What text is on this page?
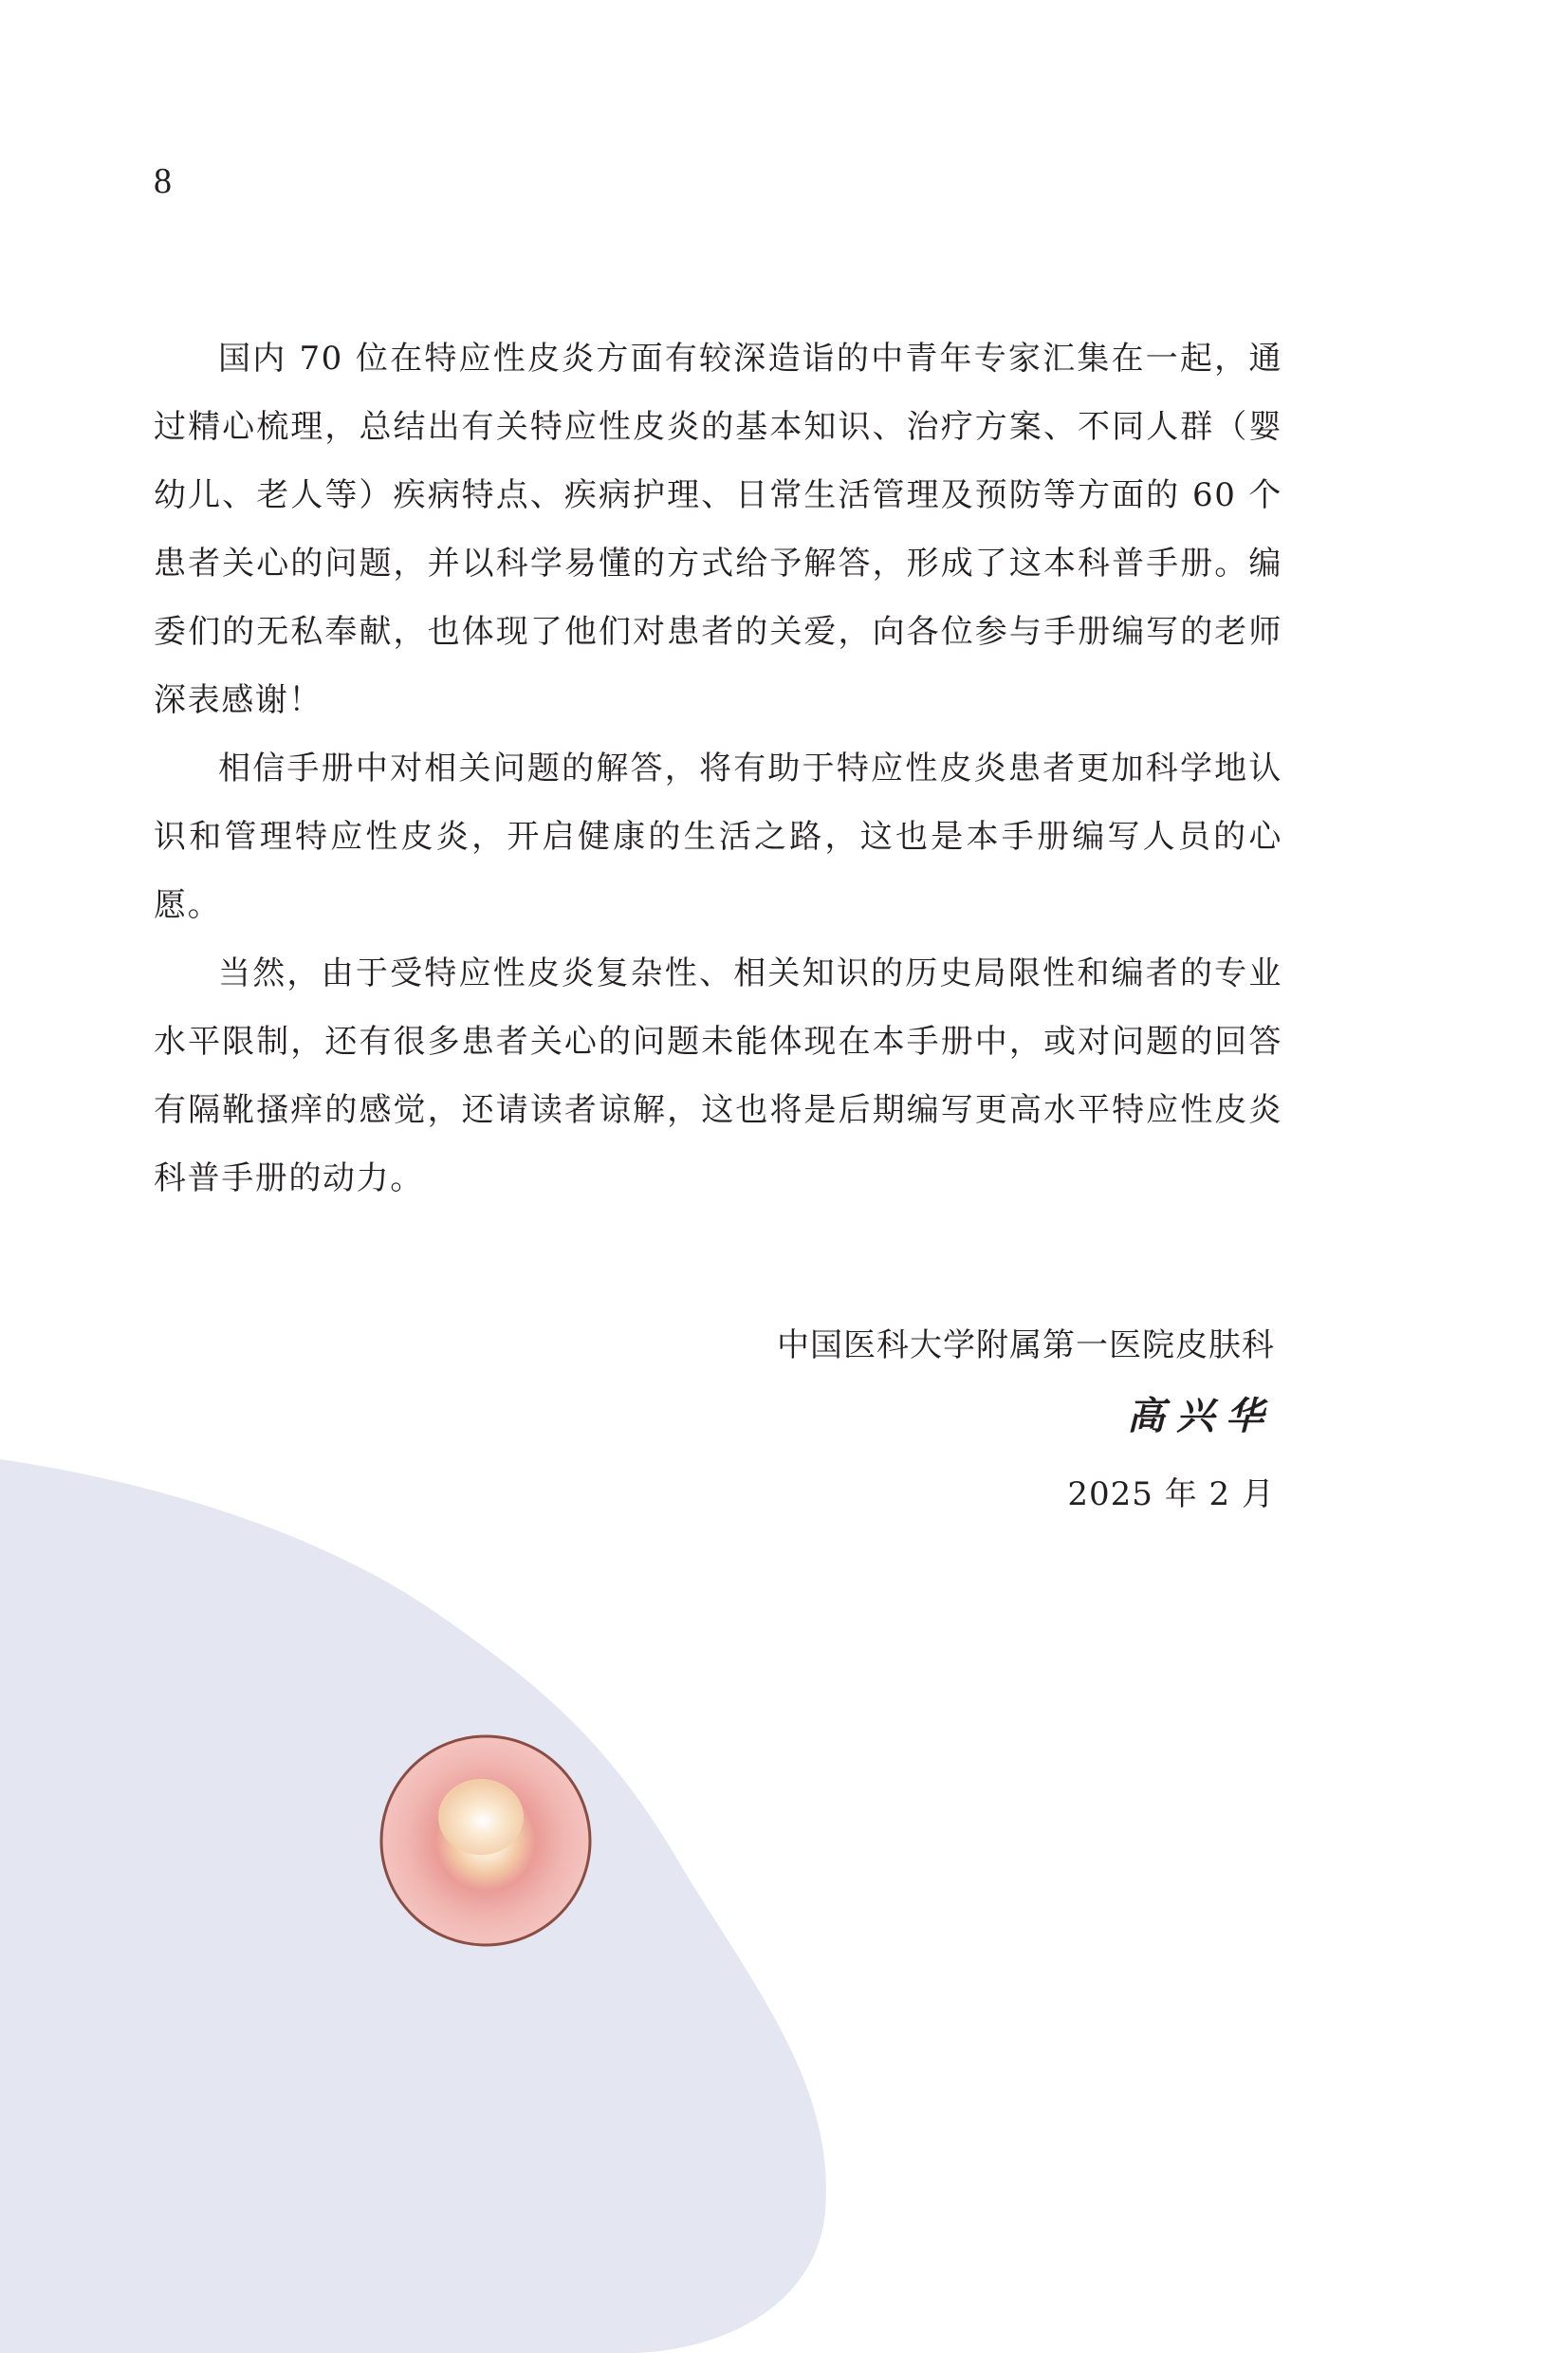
8

国内 70 位在特应性皮炎方面有较深造诣的中青年专家汇集在一起，通过精心梳理，总结出有关特应性皮炎的基本知识、治疗方案、不同人群（婴幼儿、老人等）疾病特点、疾病护理、日常生活管理及预防等方面的 60 个患者关心的问题，并以科学易懂的方式给予解答，形成了这本科普手册。编委们的无私奉献，也体现了他们对患者的关爱，向各位参与手册编写的老师深表感谢！

相信手册中对相关问题的解答，将有助于特应性皮炎患者更加科学地认识和管理特应性皮炎，开启健康的生活之路，这也是本手册编写人员的心愿。

当然，由于受特应性皮炎复杂性、相关知识的历史局限性和编者的专业水平限制，还有很多患者关心的问题未能体现在本手册中，或对问题的回答有隔靴搔痒的感觉，还请读者谅解，这也将是后期编写更高水平特应性皮炎科普手册的动力。

中国医科大学附属第一医院皮肤科
高兴华
2025 年 2 月
